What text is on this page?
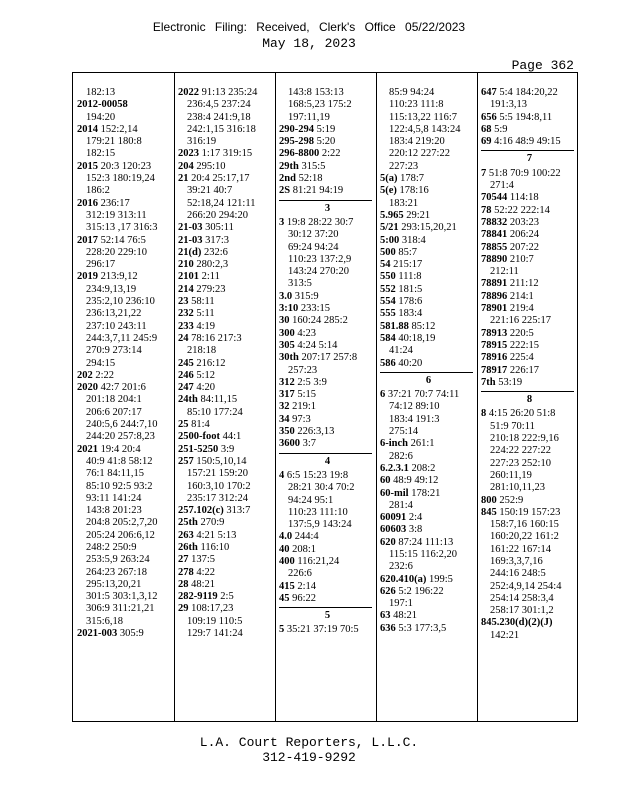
Electronic Filing: Received, Clerk's Office 05/22/2023
May 18, 2023
Page 362
182:13
2012-00058
194:20
2014 152:2,14
179:21 180:8
182:15
2015 20:3 120:23
152:3 180:19,24
186:2
2016 236:17
312:19 313:11
315:13 ,17 316:3
2017 52:14 76:5
228:20 229:10
296:17
2019 213:9,12
234:9,13,19
235:2,10 236:10
236:13,21,22
237:10 243:11
244:3,7,11 245:9
270:9 273:14
294:15
202 2:22
2020 42:7 201:6
201:18 204:1
206:6 207:17
240:5,6 244:7,10
244:20 257:8,23
2021 19:4 20:4
40:9 41:8 58:12
76:1 84:11,15
85:10 92:5 93:2
93:11 141:24
143:8 201:23
204:8 205:2,7,20
205:24 206:6,12
248:2 250:9
253:5,9 263:24
264:23 267:18
295:13,20,21
301:5 303:1,3,12
306:9 311:21,21
315:6,18
2021-003 305:9
2022 91:13 235:24
236:4,5 237:24
238:4 241:9,18
242:1,15 316:18
316:19
2023 1:17 319:15
204 295:10
21 20:4 25:17,17
39:21 40:7
52:18,24 121:11
266:20 294:20
21-03 305:11
21-03 317:3
21(d) 232:6
210 280:2,3
2101 2:11
214 279:23
23 58:11
232 5:11
233 4:19
24 78:16 217:3
218:18
245 216:12
246 5:12
247 4:20
24th 84:11,15
85:10 177:24
25 81:4
2500-foot 44:1
251-5250 3:9
257 150:5,10,14
157:21 159:20
160:3,10 170:2
235:17 312:24
257.102(c) 313:7
25th 270:9
263 4:21 5:13
26th 116:10
27 137:5
278 4:22
28 48:21
282-9119 2:5
29 108:17,23
109:19 110:5
129:7 141:24
143:8 153:13
168:5,23 175:2
197:11,19
290-294 5:19
295-298 5:20
296-8800 2:22
29th 315:5
2nd 52:18
2S 81:21 94:19
3
3 19:8 28:22 30:7
30:12 37:20
69:24 94:24
110:23 137:2,9
143:24 270:20
313:5
3.0 315:9
3:10 233:15
30 160:24 285:2
300 4:23
305 4:24 5:14
30th 207:17 257:8
257:23
312 2:5 3:9
317 5:15
32 219:1
34 97:3
350 226:3,13
3600 3:7
4
4 6:5 15:23 19:8
28:21 30:4 70:2
94:24 95:1
110:23 111:10
137:5,9 143:24
4.0 244:4
40 208:1
400 116:21,24
226:6
415 2:14
45 96:22
5
5 35:21 37:19 70:5
85:9 94:24
110:23 111:8
115:13,22 116:7
122:4,5,8 143:24
183:4 219:20
220:12 227:22
227:23
5(a) 178:7
5(e) 178:16
183:21
5.965 29:21
5/21 293:15,20,21
5:00 318:4
500 85:7
54 215:17
550 111:8
552 181:5
554 178:6
555 183:4
581.88 85:12
584 40:18,19
41:24
586 40:20
6
6 37:21 70:7 74:11
74:12 89:10
183:4 191:3
275:14
6-inch 261:1
282:6
6.2.3.1 208:2
60 48:9 49:12
60-mil 178:21
281:4
60091 2:4
60603 3:8
620 87:24 111:13
115:15 116:2,20
232:6
620.410(a) 199:5
626 5:2 196:22
197:1
63 48:21
636 5:3 177:3,5
647 5:4 184:20,22
191:3,13
656 5:5 194:8,11
68 5:9
69 4:16 48:9 49:15
7
7 51:8 70:9 100:22
271:4
70544 114:18
78 52:22 222:14
78832 203:23
78841 206:24
78855 207:22
78890 210:7
212:11
78891 211:12
78896 214:1
78901 219:4
221:16 225:17
78913 220:5
78915 222:15
78916 225:4
78917 226:17
7th 53:19
8
8 4:15 26:20 51:8
51:9 70:11
210:18 222:9,16
224:22 227:22
227:23 252:10
260:11,19
281:10,11,23
800 252:9
845 150:19 157:23
158:7,16 160:15
160:20,22 161:2
161:22 167:14
169:3,3,7,16
244:16 248:5
252:4,9,14 254:4
254:14 258:3,4
258:17 301:1,2
845.230(d)(2)(J)
142:21
L.A. Court Reporters, L.L.C.
312-419-9292
